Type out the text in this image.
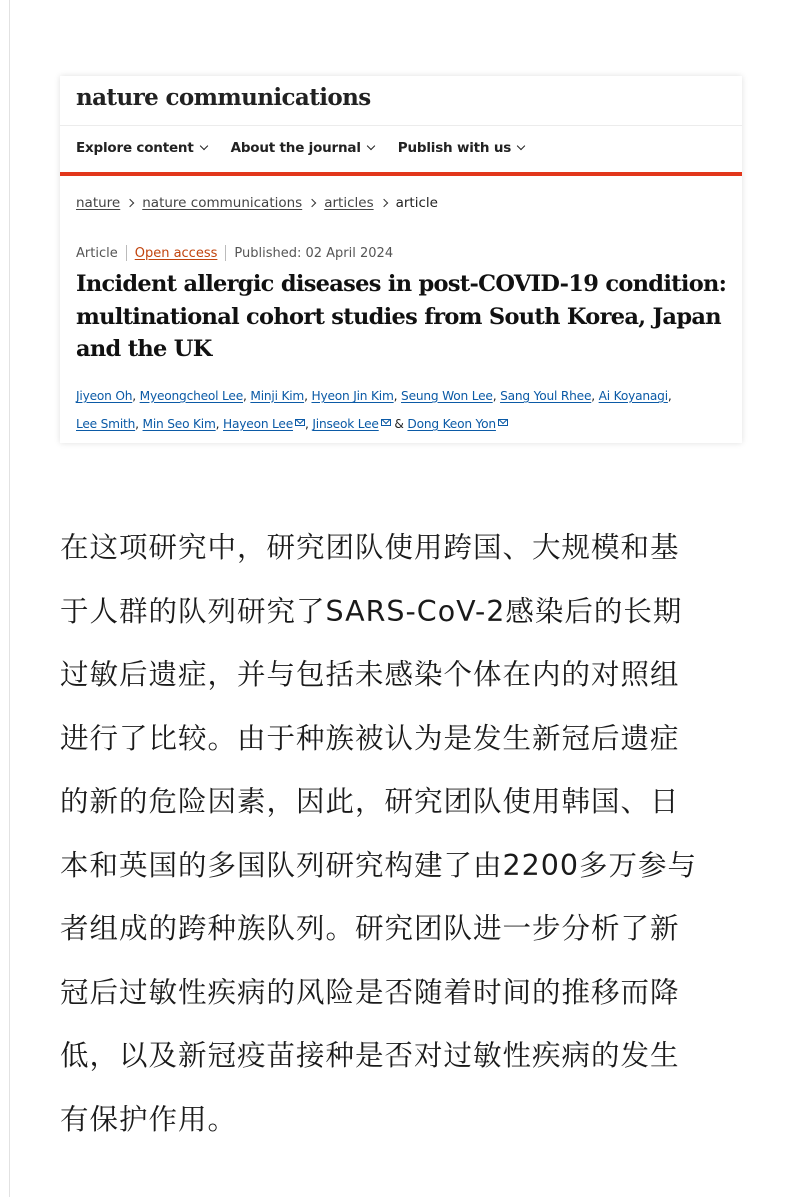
nature communications
Explore content	About the journal	Publish with us
nature nature communications articles article
Article Open access Published: 02 April 2024
Incident allergic diseases in post-COVID-19 condition:
multinational cohort studies from South Korea, Japan
and the UK
Jiyeon Oh, Myeongcheol Lee, Minji Kim, Hyeon Jin Kim, Seung Won Lee, Sang Youl Rhee, Ai Koyanagi,
Lee Smith, Min Seo Kim, Hayeon Lee , Jinseok Lee & Dong Keon Yon
在这项研究中，研究团队使用跨国、大规模和基
于人群的队列研究了SARS-CoV-2感染后的长期
过敏后遗症，并与包括未感染个体在内的对照组
进行了比较。由于种族被认为是发生新冠后遗症
的新的危险因素，因此，研究团队使用韩国、日
本和英国的多国队列研究构建了由2200多万参与
者组成的跨种族队列。研究团队进一步分析了新
冠后过敏性疾病的风险是否随着时间的推移而降
低，以及新冠疫苗接种是否对过敏性疾病的发生
有保护作用。
